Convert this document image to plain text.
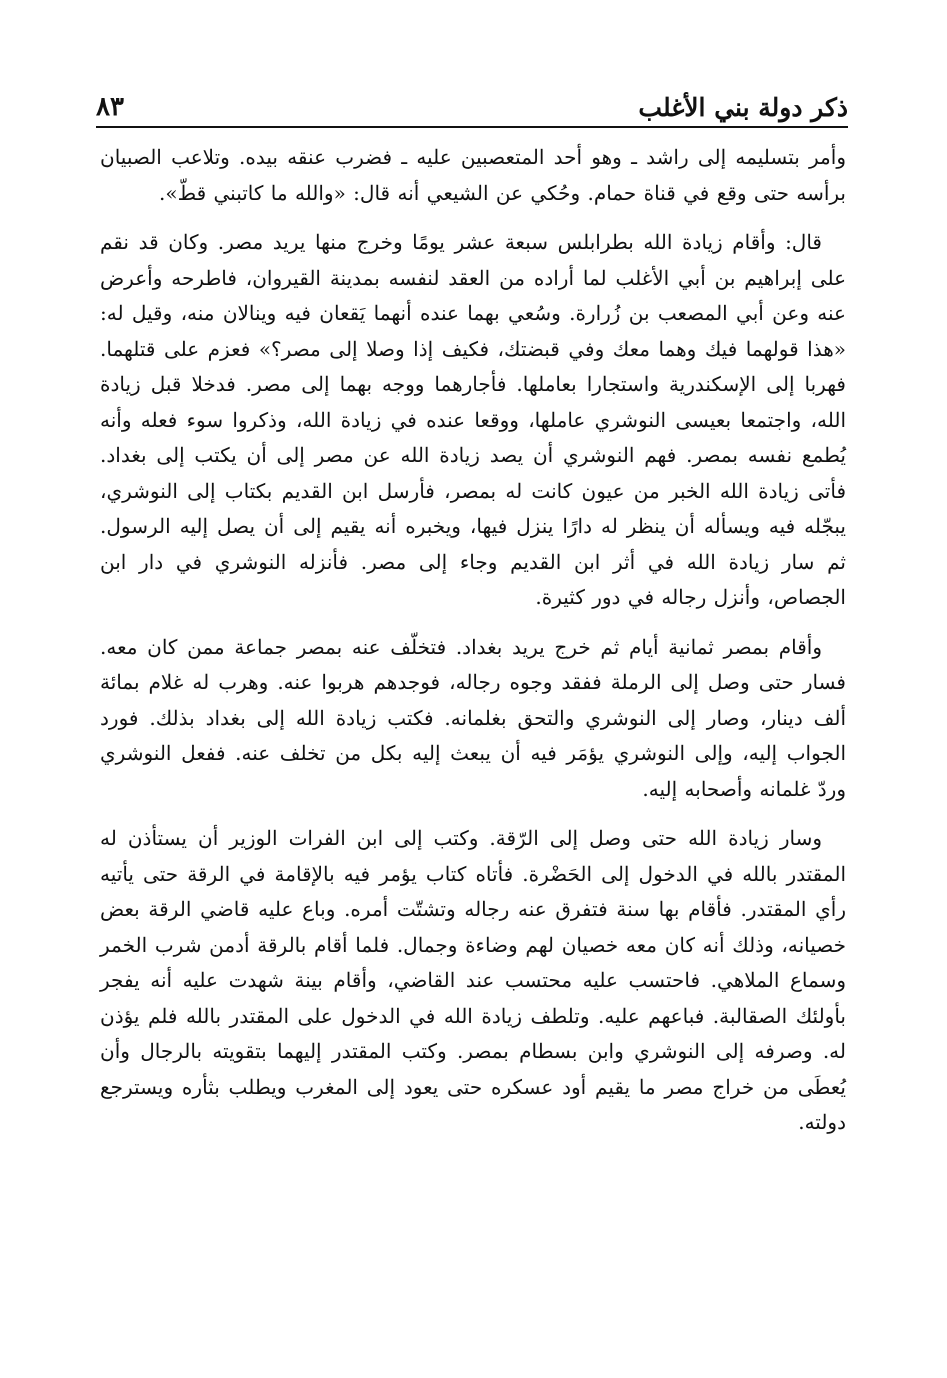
ذكر دولة بني الأغلب
٨٣

وأمر بتسليمه إلى راشد ـ وهو أحد المتعصبين عليه ـ فضرب عنقه بيده. وتلاعب الصبيان برأسه حتى وقع في قناة حمام. وحُكي عن الشيعي أنه قال: «والله ما كاتبني قطّ».

قال: وأقام زيادة الله بطرابلس سبعة عشر يومًا وخرج منها يريد مصر. وكان قد نقم على إبراهيم بن أبي الأغلب لما أراده من العقد لنفسه بمدينة القيروان، فاطرحه وأعرض عنه وعن أبي المصعب بن زُرارة. وسُعي بهما عنده أنهما يَقعان فيه وينالان منه، وقيل له: «هذا قولهما فيك وهما معك وفي قبضتك، فكيف إذا وصلا إلى مصر؟» فعزم على قتلهما. فهربا إلى الإسكندرية واستجارا بعاملها. فأجارهما ووجه بهما إلى مصر. فدخلا قبل زيادة الله، واجتمعا بعيسى النوشري عاملها، ووقعا عنده في زيادة الله، وذكروا سوء فعله وأنه يُطمع نفسه بمصر. فهم النوشري أن يصد زيادة الله عن مصر إلى أن يكتب إلى بغداد. فأتى زيادة الله الخبر من عيون كانت له بمصر، فأرسل ابن القديم بكتاب إلى النوشري، يبجّله فيه ويسأله أن ينظر له دارًا ينزل فيها، ويخبره أنه يقيم إلى أن يصل إليه الرسول. ثم سار زيادة الله في أثر ابن القديم وجاء إلى مصر. فأنزله النوشري في دار ابن الجصاص، وأنزل رجاله في دور كثيرة.

وأقام بمصر ثمانية أيام ثم خرج يريد بغداد. فتخلّف عنه بمصر جماعة ممن كان معه. فسار حتى وصل إلى الرملة ففقد وجوه رجاله، فوجدهم هربوا عنه. وهرب له غلام بمائة ألف دينار، وصار إلى النوشري والتحق بغلمانه. فكتب زيادة الله إلى بغداد بذلك. فورد الجواب إليه، وإلى النوشري يؤمَر فيه أن يبعث إليه بكل من تخلف عنه. ففعل النوشري وردّ غلمانه وأصحابه إليه.

وسار زيادة الله حتى وصل إلى الرّقة. وكتب إلى ابن الفرات الوزير أن يستأذن له المقتدر بالله في الدخول إلى الحَضْرة. فأتاه كتاب يؤمر فيه بالإقامة في الرقة حتى يأتيه رأي المقتدر. فأقام بها سنة فتفرق عنه رجاله وتشتّت أمره. وباع عليه قاضي الرقة بعض خصيانه، وذلك أنه كان معه خصيان لهم وضاءة وجمال. فلما أقام بالرقة أدمن شرب الخمر وسماع الملاهي. فاحتسب عليه محتسب عند القاضي، وأقام بينة شهدت عليه أنه يفجر بأولئك الصقالبة. فباعهم عليه. وتلطف زيادة الله في الدخول على المقتدر بالله فلم يؤذن له. وصرفه إلى النوشري وابن بسطام بمصر. وكتب المقتدر إليهما بتقويته بالرجال وأن يُعطَى من خراج مصر ما يقيم أود عسكره حتى يعود إلى المغرب ويطلب بثأره ويسترجع دولته.
